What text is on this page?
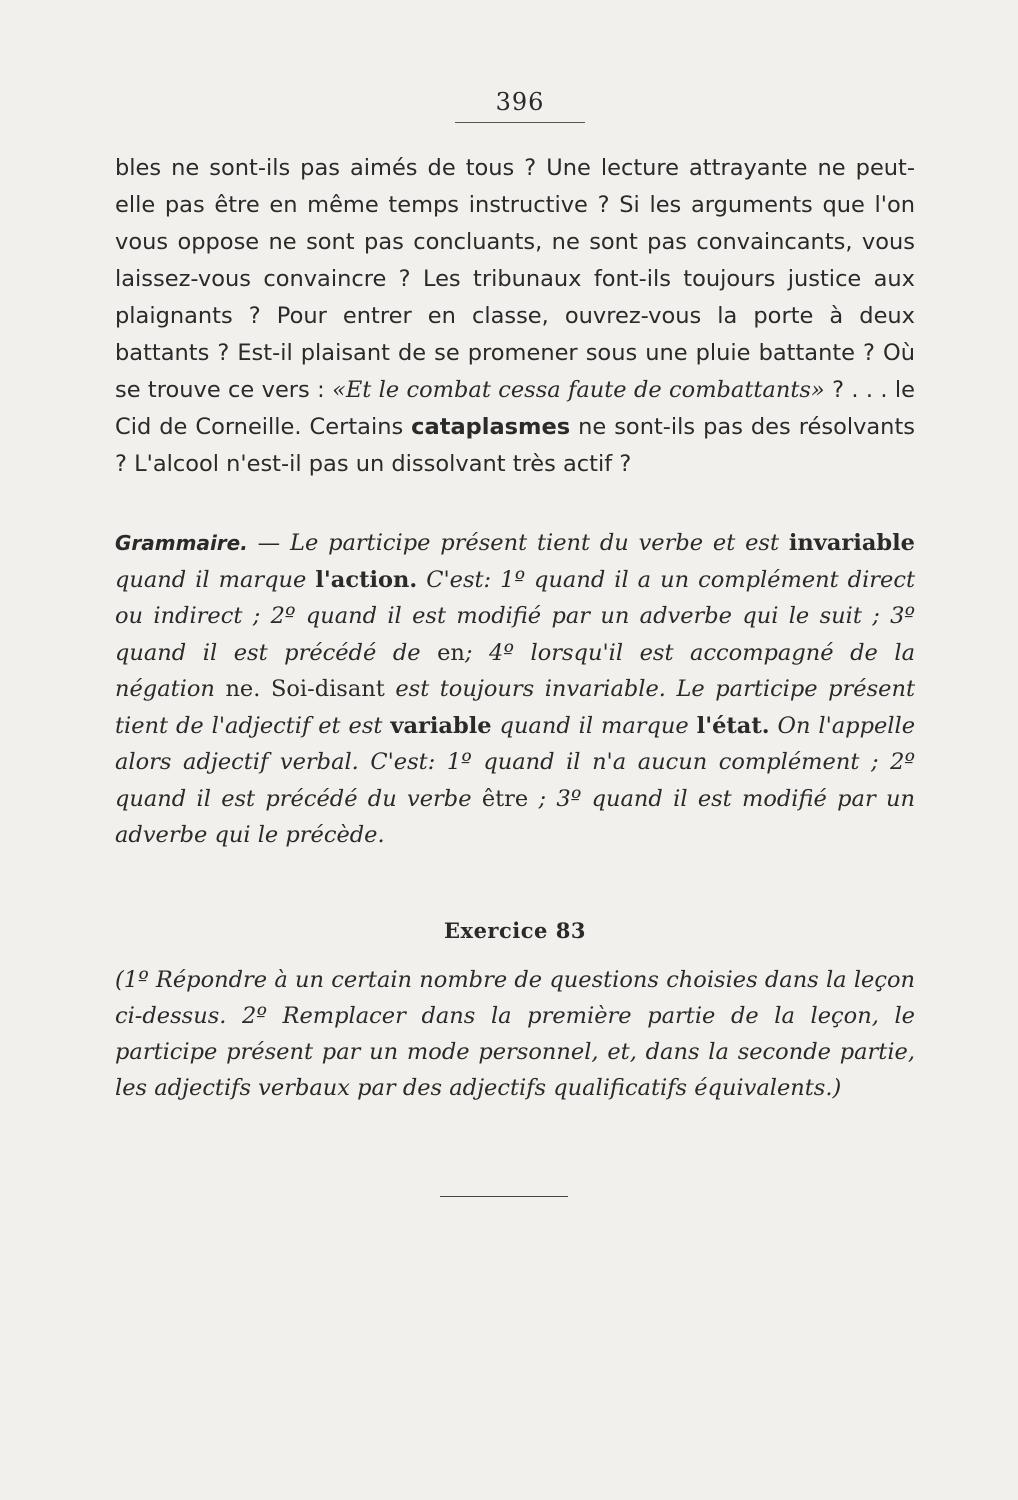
396
bles ne sont-ils pas aimés de tous ? Une lecture attrayante ne peut-elle pas être en même temps instructive ? Si les arguments que l'on vous oppose ne sont pas concluants, ne sont pas convaincants, vous laissez-vous convaincre ? Les tribunaux font-ils toujours justice aux plaignants ? Pour entrer en classe, ouvrez-vous la porte à deux battants ? Est-il plaisant de se promener sous une pluie battante ? Où se trouve ce vers : «Et le combat cessa faute de combattants» ? . . . le Cid de Corneille. Certains cataplasmes ne sont-ils pas des résolvants ? L'alcool n'est-il pas un dissolvant très actif ?
Grammaire. — Le participe présent tient du verbe et est invariable quand il marque l'action. C'est: 1º quand il a un complément direct ou indirect ; 2º quand il est modifié par un adverbe qui le suit ; 3º quand il est précédé de en; 4º lorsqu'il est accompagné de la négation ne. Soi-disant est toujours invariable. Le participe présent tient de l'adjectif et est variable quand il marque l'état. On l'appelle alors adjectif verbal. C'est: 1º quand il n'a aucun complément ; 2º quand il est précédé du verbe être ; 3º quand il est modifié par un adverbe qui le précède.
Exercice 83
(1º Répondre à un certain nombre de questions choisies dans la leçon ci-dessus. 2º Remplacer dans la première partie de la leçon, le participe présent par un mode personnel, et, dans la seconde partie, les adjectifs verbaux par des adjectifs qualificatifs équivalents.)
